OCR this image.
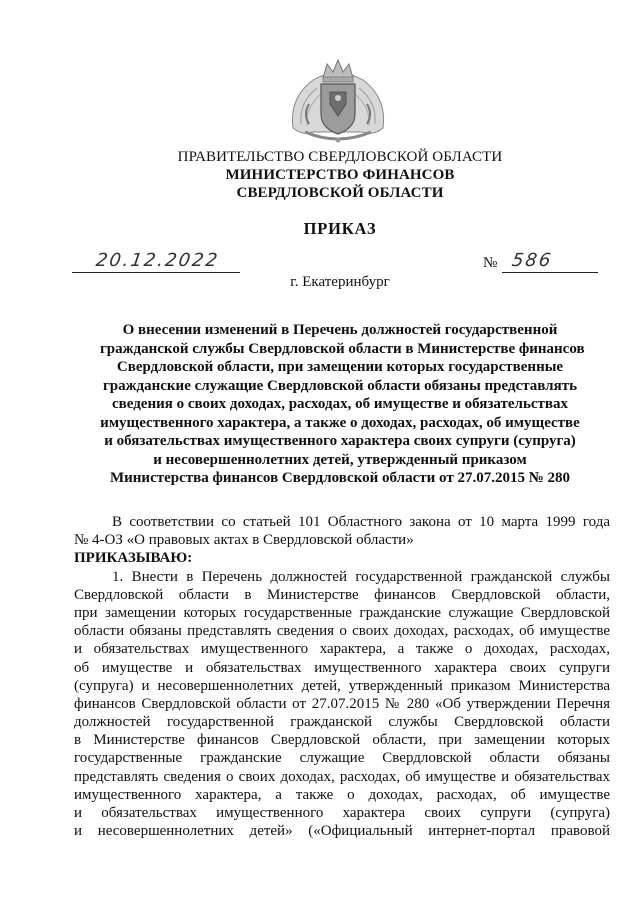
ПРАВИТЕЛЬСТВО СВЕРДЛОВСКОЙ ОБЛАСТИ
МИНИСТЕРСТВО ФИНАНСОВ
СВЕРДЛОВСКОЙ ОБЛАСТИ
ПРИКАЗ
20.12.2022	№ 586
г. Екатеринбург
О внесении изменений в Перечень должностей государственной
гражданской службы Свердловской области в Министерстве финансов
Свердловской области, при замещении которых государственные
гражданские служащие Свердловской области обязаны представлять
сведения о своих доходах, расходах, об имуществе и обязательствах
имущественного характера, а также о доходах, расходах, об имуществе
и обязательствах имущественного характера своих супруги (супруга)
и несовершеннолетних детей, утвержденный приказом
Министерства финансов Свердловской области от 27.07.2015 № 280
В соответствии со статьей 101 Областного закона от 10 марта 1999 года
№ 4-ОЗ «О правовых актах в Свердловской области»
ПРИКАЗЫВАЮ:
1. Внести в Перечень должностей государственной гражданской службы
Свердловской области в Министерстве финансов Свердловской области,
при замещении которых государственные гражданские служащие Свердловской
области обязаны представлять сведения о своих доходах, расходах, об имуществе
и обязательствах имущественного характера, а также о доходах, расходах,
об имуществе и обязательствах имущественного характера своих супруги
(супруга) и несовершеннолетних детей, утвержденный приказом Министерства
финансов Свердловской области от 27.07.2015 № 280 «Об утверждении Перечня
должностей государственной гражданской службы Свердловской области
в Министерстве финансов Свердловской области, при замещении которых
государственные гражданские служащие Свердловской области обязаны
представлять сведения о своих доходах, расходах, об имуществе и обязательствах
имущественного характера, а также о доходах, расходах, об имуществе
и обязательствах имущественного характера своих супруги (супруга)
и несовершеннолетних детей» («Официальный интернет-портал правовой
